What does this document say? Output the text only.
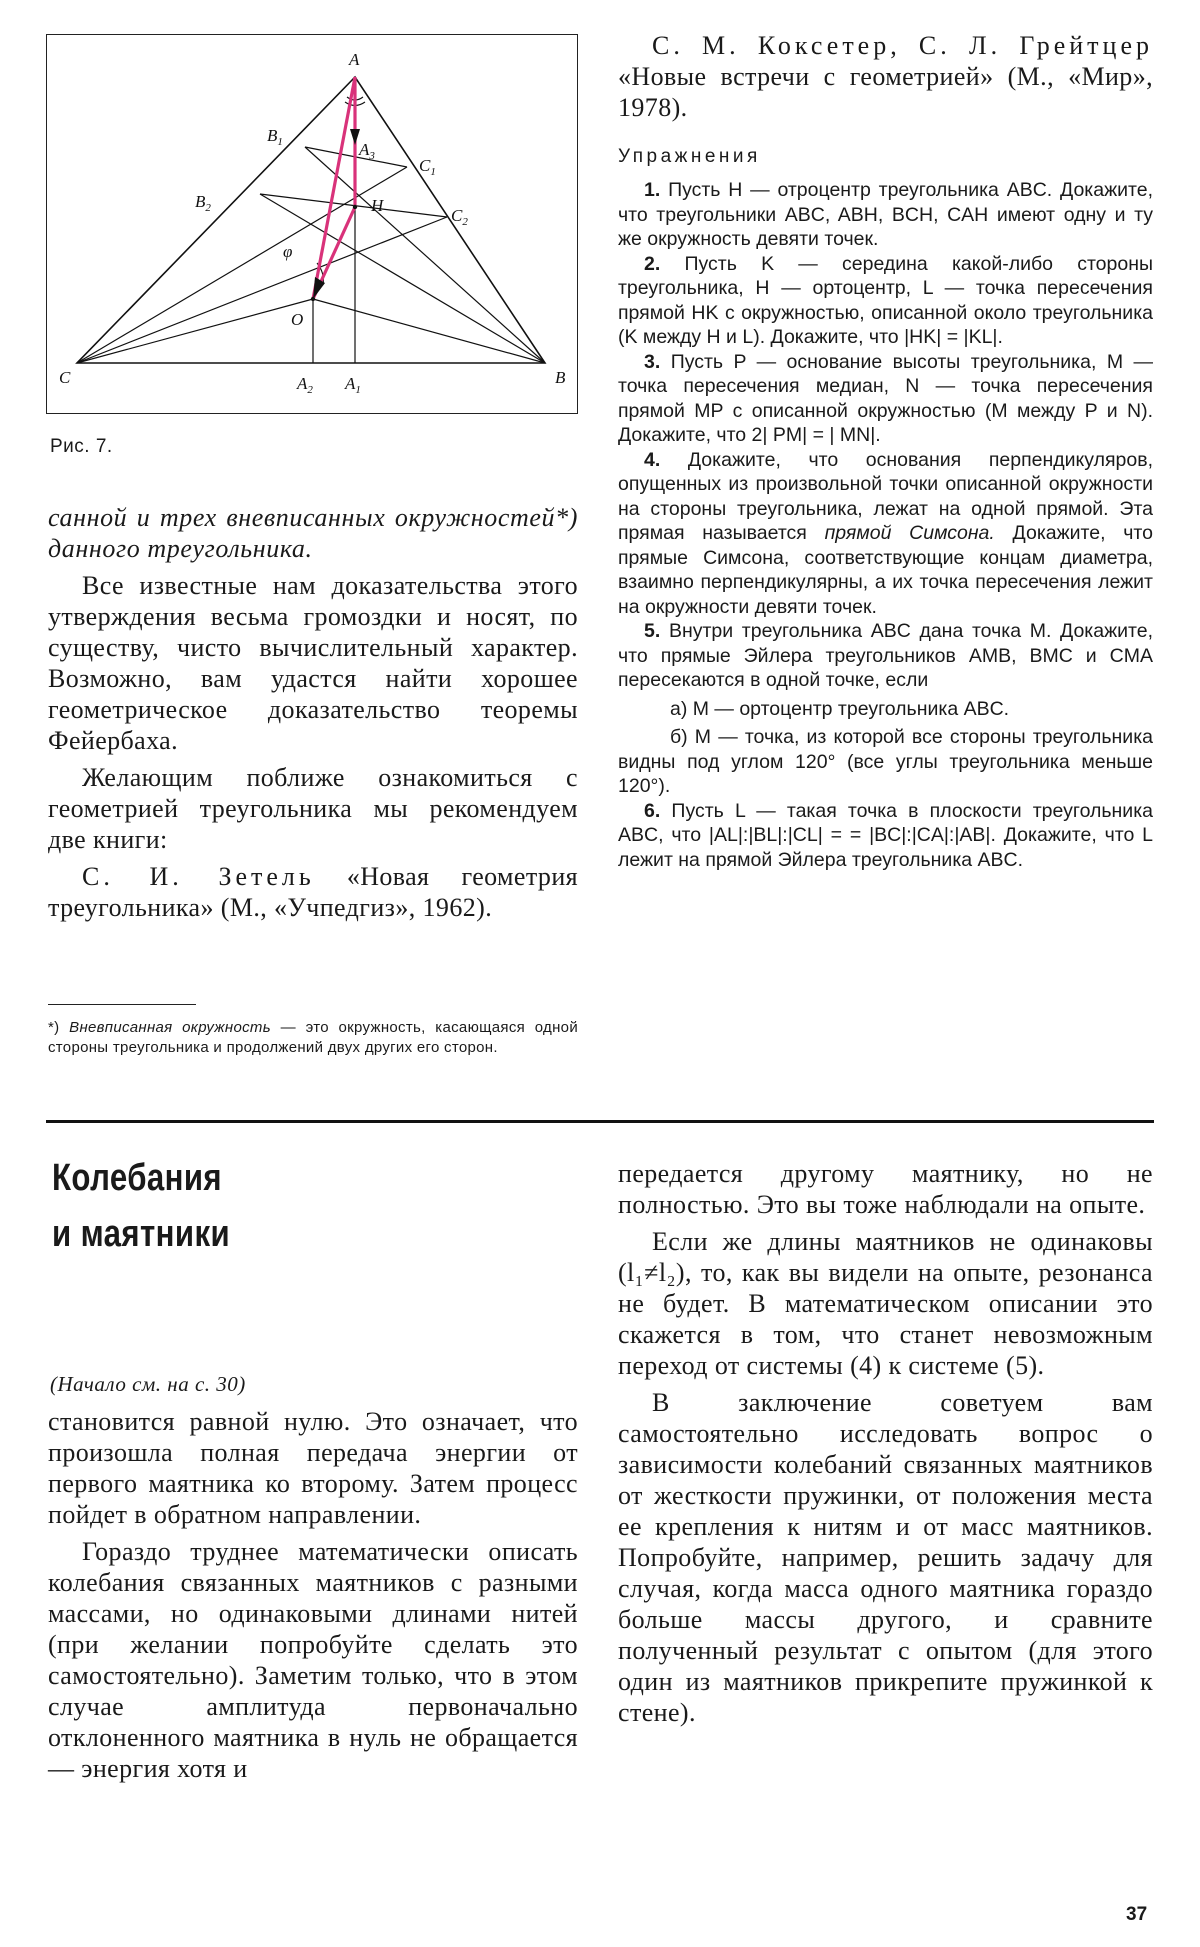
A
B
C
$B_1$
$B_2$
$C_1$
$C_2$
$A_3$
H
O
φ
$A_2$ $A_1$
Рис. 7.

санной и трех вневписанных окружностей*) данного треугольника.

Все известные нам доказательства этого утверждения весьма громоздки и носят, по существу, чисто вычислительный характер. Возможно, вам удастся найти хорошее геометрическое доказательство теоремы Фейербаха.

Желающим поближе ознакомиться с геометрией треугольника мы рекомендуем две книги:

С. И. Зетель «Новая геометрия треугольника» (М., «Учпедгиз», 1962).

*) Вневписанная окружность — это окружность, касающаяся одной стороны треугольника и продолжений двух других его сторон.

С. М. Коксетер, С. Л. Грейтцер «Новые встречи с геометрией» (М., «Мир», 1978).

Упражнения

1. Пусть H — отроцентр треугольника ABC. Докажите, что треугольники ABC, ABH, BCH, CAH имеют одну и ту же окружность девяти точек.

2. Пусть K — середина какой-либо стороны треугольника, H — ортоцентр, L — точка пересечения прямой HK с окружностью, описанной около треугольника (K между H и L). Докажите, что |HK| = |KL|.

3. Пусть P — основание высоты треугольника, M — точка пересечения медиан, N — точка пересечения прямой MP с описанной окружностью (M между P и N). Докажите, что 2| PM| = | MN|.

4. Докажите, что основания перпендикуляров, опущенных из произвольной точки описанной окружности на стороны треугольника, лежат на одной прямой. Эта прямая называется прямой Симсона. Докажите, что прямые Симсона, соответствующие концам диаметра, взаимно перпендикулярны, а их точка пересечения лежит на окружности девяти точек.

5. Внутри треугольника ABC дана точка M. Докажите, что прямые Эйлера треугольников AMB, BMC и CMA пересекаются в одной точке, если

а) M — ортоцентр треугольника ABC.

б) M — точка, из которой все стороны треугольника видны под углом 120° (все углы треугольника меньше 120°).

6. Пусть L — такая точка в плоскости треугольника ABC, что |AL|:|BL|:|CL| = = |BC|:|CA|:|AB|. Докажите, что L лежит на прямой Эйлера треугольника ABC.

Колебания
и маятники
(Начало см. на с. 30)

становится равной нулю. Это означает, что произошла полная передача энергии от первого маятника ко второму. Затем процесс пойдет в обратном направлении.

Гораздо труднее математически описать колебания связанных маятников с разными массами, но одинаковыми длинами нитей (при желании попробуйте сделать это самостоятельно). Заметим только, что в этом случае амплитуда первоначально отклоненного маятника в нуль не обращается — энергия хотя и

передается другому маятнику, но не полностью. Это вы тоже наблюдали на опыте.

Если же длины маятников не одинаковы (l₁≠l₂), то, как вы видели на опыте, резонанса не будет. В математическом описании это скажется в том, что станет невозможным переход от системы (4) к системе (5).

В заключение советуем вам самостоятельно исследовать вопрос о зависимости колебаний связанных маятников от жесткости пружинки, от положения места ее крепления к нитям и от масс маятников. Попробуйте, например, решить задачу для случая, когда масса одного маятника гораздо больше массы другого, и сравните полученный результат с опытом (для этого один из маятников прикрепите пружинкой к стене).

37
